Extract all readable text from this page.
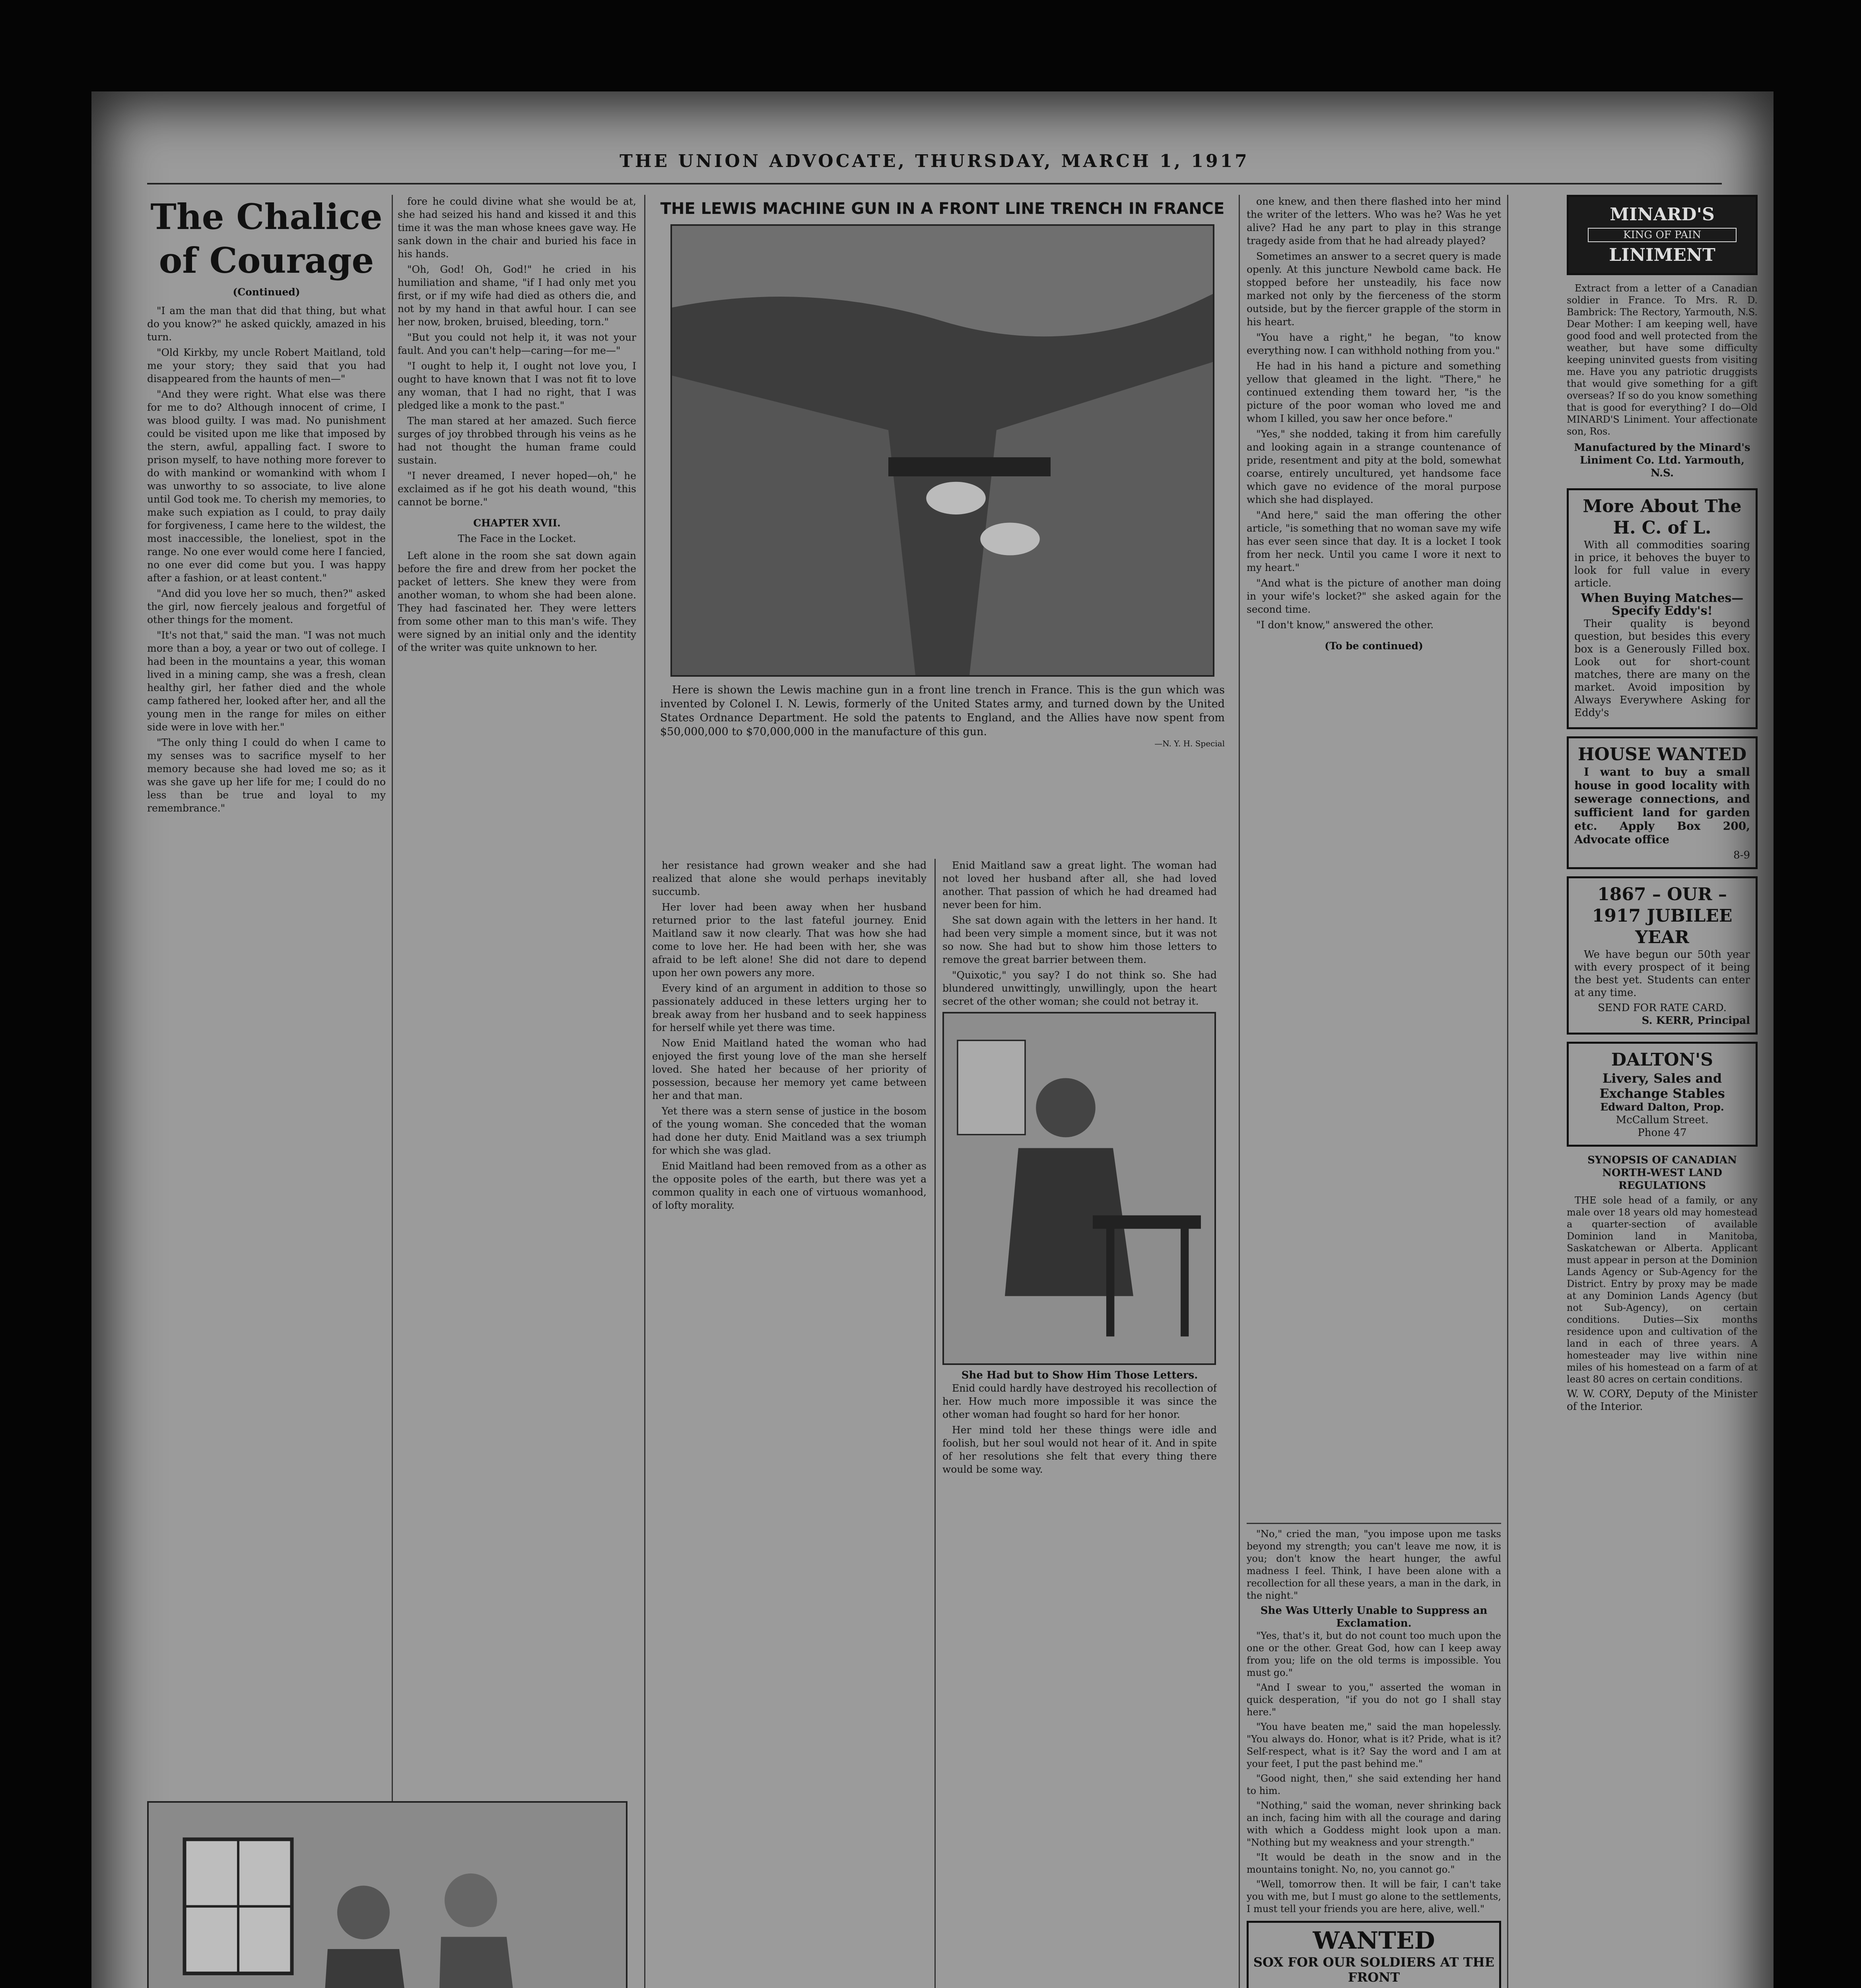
THE UNION ADVOCATE, THURSDAY, MARCH 1, 1917
The Chalice
of Courage
(Continued)

"I am the man that did that thing, but what do you know?" he asked quickly, amazed in his turn.

"Old Kirkby, my uncle Robert Maitland, told me your story; they said that you had disappeared from the haunts of men—"

"And they were right. What else was there for me to do? Although innocent of crime, I was blood guilty. I was mad. No punishment could be visited upon me like that imposed by the stern, awful, appalling fact. I swore to prison myself, to have nothing more forever to do with mankind or womankind with whom I was unworthy to so associate, to live alone until God took me. To cherish my memories, to make such expiation as I could, to pray daily for forgiveness, I came here to the wildest, the most inaccessible, the loneliest, spot in the range. No one ever would come here I fancied, no one ever did come but you. I was happy after a fashion, or at least content."

"And did you love her so much, then?" asked the girl, now fiercely jealous and forgetful of other things for the moment.

"It's not that," said the man. "I was not much more than a boy, a year or two out of college. I had been in the mountains a year, this woman lived in a mining camp, she was a fresh, clean healthy girl, her father died and the whole camp fathered her, looked after her, and all the young men in the range for miles on either side were in love with her."

"The only thing I could do when I came to my senses was to sacrifice myself to her memory because she had loved me so; as it was she gave up her life for me; I could do no less than be true and loyal to my remembrance."

fore he could divine what she would be at, she had seized his hand and kissed it and this time it was the man whose knees gave way. He sank down in the chair and buried his face in his hands.

"Oh, God! Oh, God!" he cried in his humiliation and shame, "if I had only met you first, or if my wife had died as others die, and not by my hand in that awful hour. I can see her now, broken, bruised, bleeding, torn."

"But you could not help it, it was not your fault. And you can't help—caring—for me—"

"I ought to help it, I ought not love you, I ought to have known that I was not fit to love any woman, that I had no right, that I was pledged like a monk to the past."

The man stared at her amazed. Such fierce surges of joy throbbed through his veins as he had not thought the human frame could sustain.

"I never dreamed, I never hoped—oh," he exclaimed as if he got his death wound, "this cannot be borne."

CHAPTER XVII.
The Face in the Locket.

Left alone in the room she sat down again before the fire and drew from her pocket the packet of letters. She knew they were from another woman, to whom she had been alone. They had fascinated her. They were letters from some other man to this man's wife. They were signed by an initial only and the identity of the writer was quite unknown to her.

THE LEWIS MACHINE GUN IN A FRONT LINE TRENCH IN FRANCE

Here is shown the Lewis machine gun in a front line trench in France. This is the gun which was invented by Colonel I. N. Lewis, formerly of the United States army, and turned down by the United States Ordnance Department. He sold the patents to England, and the Allies have now spent from $50,000,000 to $70,000,000 in the manufacture of this gun.

—N. Y. H. Special

her resistance had grown weaker and she had realized that alone she would perhaps inevitably succumb.

Her lover had been away when her husband returned prior to the last fateful journey. Enid Maitland saw it now clearly. That was how she had come to love her. He had been with her, she was afraid to be left alone! She did not dare to depend upon her own powers any more.

Every kind of an argument in addition to those so passionately adduced in these letters urging her to break away from her husband and to seek happiness for herself while yet there was time.

Now Enid Maitland hated the woman who had enjoyed the first young love of the man she herself loved. She hated her because of her priority of possession, because her memory yet came between her and that man.

Yet there was a stern sense of justice in the bosom of the young woman. She conceded that the woman had done her duty. Enid Maitland was a sex triumph for which she was glad.

Enid Maitland had been removed from as a other as the opposite poles of the earth, but there was yet a common quality in each one of virtuous womanhood, of lofty morality.

Enid Maitland saw a great light. The woman had not loved her husband after all, she had loved another. That passion of which he had dreamed had never been for him.

She sat down again with the letters in her hand. It had been very simple a moment since, but it was not so now. She had but to show him those letters to remove the great barrier between them.

"Quixotic," you say? I do not think so. She had blundered unwittingly, unwillingly, upon the heart secret of the other woman; she could not betray it.

She Had but to Show Him Those Letters.

Enid could hardly have destroyed his recollection of her. How much more impossible it was since the other woman had fought so hard for her honor.

Her mind told her these things were idle and foolish, but her soul would not hear of it. And in spite of her resolutions she felt that every thing there would be some way.

one knew, and then there flashed into her mind the writer of the letters. Who was he? Was he yet alive? Had he any part to play in this strange tragedy aside from that he had already played?

Sometimes an answer to a secret query is made openly. At this juncture Newbold came back. He stopped before her unsteadily, his face now marked not only by the fierceness of the storm outside, but by the fiercer grapple of the storm in his heart.

"You have a right," he began, "to know everything now. I can withhold nothing from you."

He had in his hand a picture and something yellow that gleamed in the light. "There," he continued extending them toward her, "is the picture of the poor woman who loved me and whom I killed, you saw her once before."

"Yes," she nodded, taking it from him carefully and looking again in a strange countenance of pride, resentment and pity at the bold, somewhat coarse, entirely uncultured, yet handsome face which gave no evidence of the moral purpose which she had displayed.

"And here," said the man offering the other article, "is something that no woman save my wife has ever seen since that day. It is a locket I took from her neck. Until you came I wore it next to my heart."

"And what is the picture of another man doing in your wife's locket?" she asked again for the second time.

"I don't know," answered the other.

(To be continued)
MINARD'S
KING OF PAIN
LINIMENT

Extract from a letter of a Canadian soldier in France. To Mrs. R. D. Bambrick: The Rectory, Yarmouth, N.S. Dear Mother: I am keeping well, have good food and well protected from the weather, but have some difficulty keeping uninvited guests from visiting me. Have you any patriotic druggists that would give something for a gift overseas? If so do you know something that is good for everything? I do—Old MINARD'S Liniment. Your affectionate son, Ros.

Manufactured by the Minard's Liniment Co. Ltd. Yarmouth, N.S.
More About The H. C. of L.

With all commodities soaring in price, it behoves the buyer to look for full value in every article.

When Buying Matches—Specify Eddy's!

Their quality is beyond question, but besides this every box is a Generously Filled box. Look out for short-count matches, there are many on the market. Avoid imposition by Always Everywhere Asking for Eddy's

HOUSE WANTED

I want to buy a small house in good locality with sewerage connections, and sufficient land for garden etc. Apply Box 200, Advocate office

8-9
1867 – OUR – 1917 JUBILEE YEAR

We have begun our 50th year with every prospect of it being the best yet. Students can enter at any time.

SEND FOR RATE CARD.
S. KERR, Principal
DALTON'S
Livery, Sales and Exchange Stables
Edward Dalton, Prop.
McCallum Street.
Phone 47
SYNOPSIS OF CANADIAN NORTH-WEST LAND REGULATIONS

THE sole head of a family, or any male over 18 years old may homestead a quarter-section of available Dominion land in Manitoba, Saskatchewan or Alberta. Applicant must appear in person at the Dominion Lands Agency or Sub-Agency for the District. Entry by proxy may be made at any Dominion Lands Agency (but not Sub-Agency), on certain conditions. Duties—Six months residence upon and cultivation of the land in each of three years. A homesteader may live within nine miles of his homestead on a farm of at least 80 acres on certain conditions.

W. W. CORY, Deputy of the Minister of the Interior.

"No," cried the man, "you impose upon me tasks beyond my strength; you can't leave me now, it is you; don't know the heart hunger, the awful madness I feel. Think, I have been alone with a recollection for all these years, a man in the dark, in the night."

She Was Utterly Unable to Suppress an Exclamation.

"Yes, that's it, but do not count too much upon the one or the other. Great God, how can I keep away from you; life on the old terms is impossible. You must go."

"And I swear to you," asserted the woman in quick desperation, "if you do not go I shall stay here."

"You have beaten me," said the man hopelessly. "You always do. Honor, what is it? Pride, what is it? Self-respect, what is it? Say the word and I am at your feet, I put the past behind me."

"Good night, then," she said extending her hand to him.

"Nothing," said the woman, never shrinking back an inch, facing him with all the courage and daring with which a Goddess might look upon a man. "Nothing but my weakness and your strength."

"It would be death in the snow and in the mountains tonight. No, no, you cannot go."

"Well, tomorrow then. It will be fair, I can't take you with me, but I must go alone to the settlements, I must tell your friends you are here, alive, well."

WANTED
SOX FOR OUR SOLDIERS AT THE FRONT
